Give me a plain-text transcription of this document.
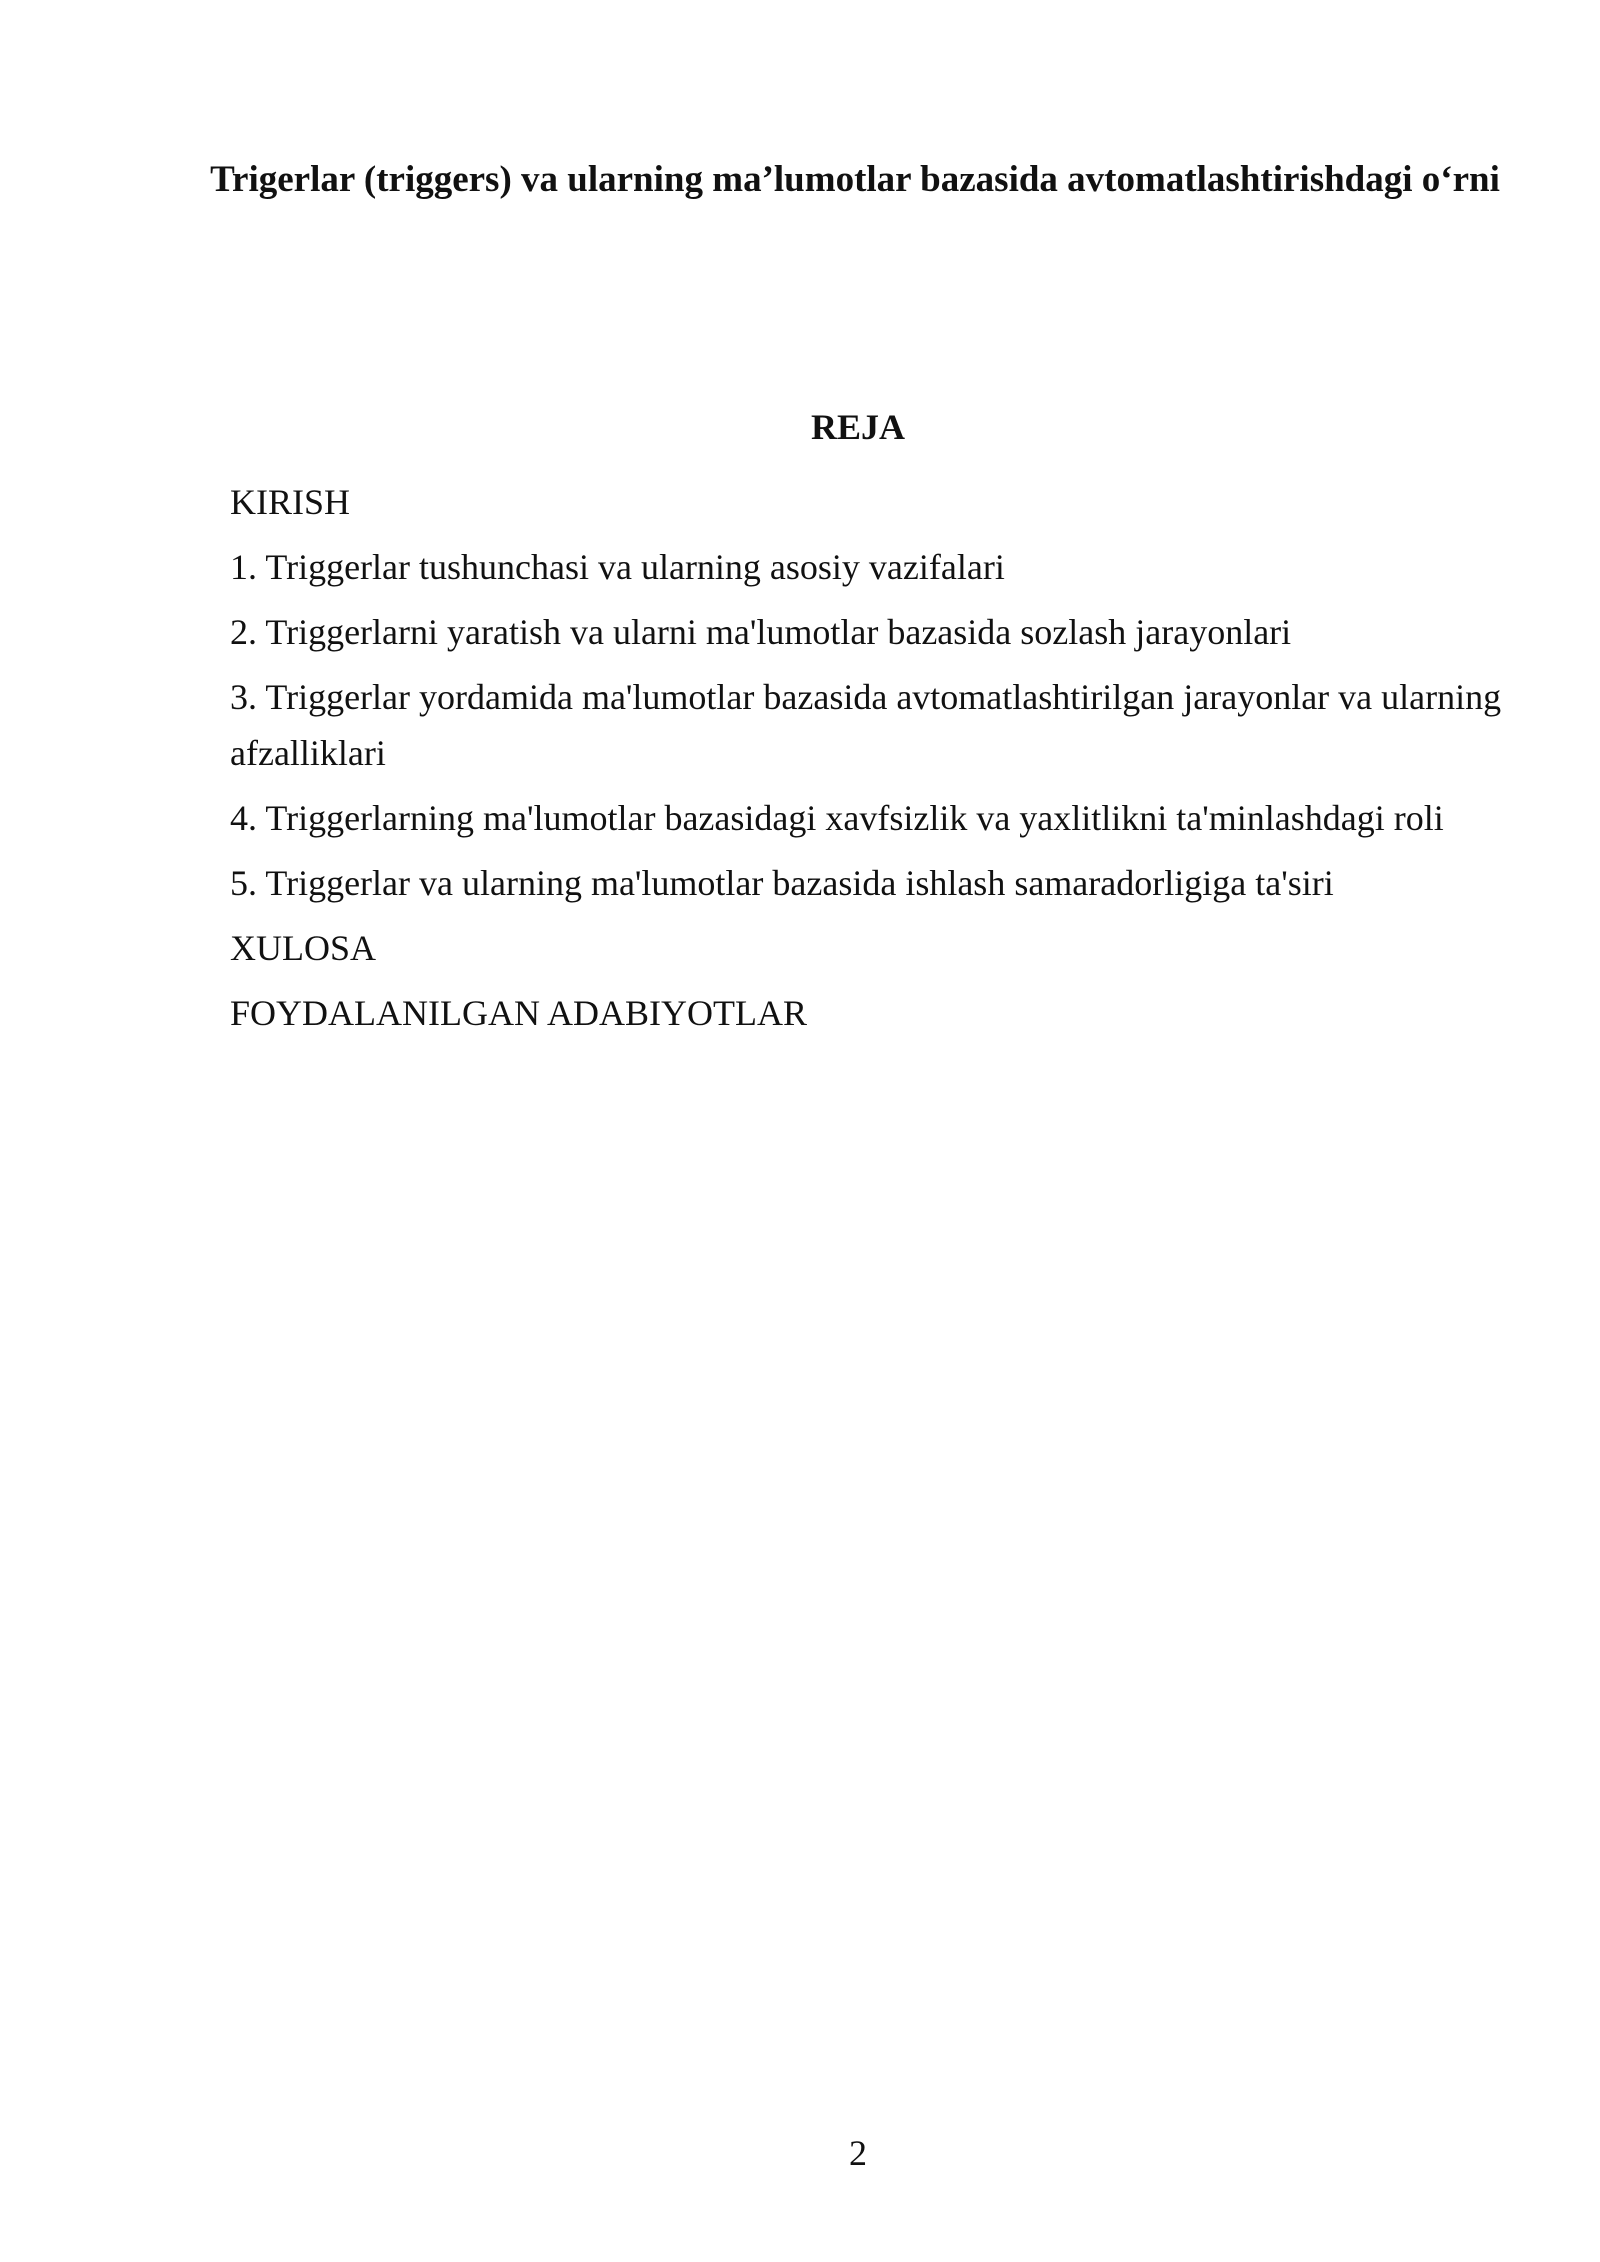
Trigerlar (triggers) va ularning ma’lumotlar bazasida avtomatlashtirishdagi o‘rni
REJA
KIRISH
1. Triggerlar tushunchasi va ularning asosiy vazifalari
2. Triggerlarni yaratish va ularni ma'lumotlar bazasida sozlash jarayonlari
3. Triggerlar yordamida ma'lumotlar bazasida avtomatlashtirilgan jarayonlar va ularning afzalliklari
4. Triggerlarning ma'lumotlar bazasidagi xavfsizlik va yaxlitlikni ta'minlashdagi roli
5. Triggerlar va ularning ma'lumotlar bazasida ishlash samaradorligiga ta'siri
XULOSA
FOYDALANILGAN ADABIYOTLAR
2
